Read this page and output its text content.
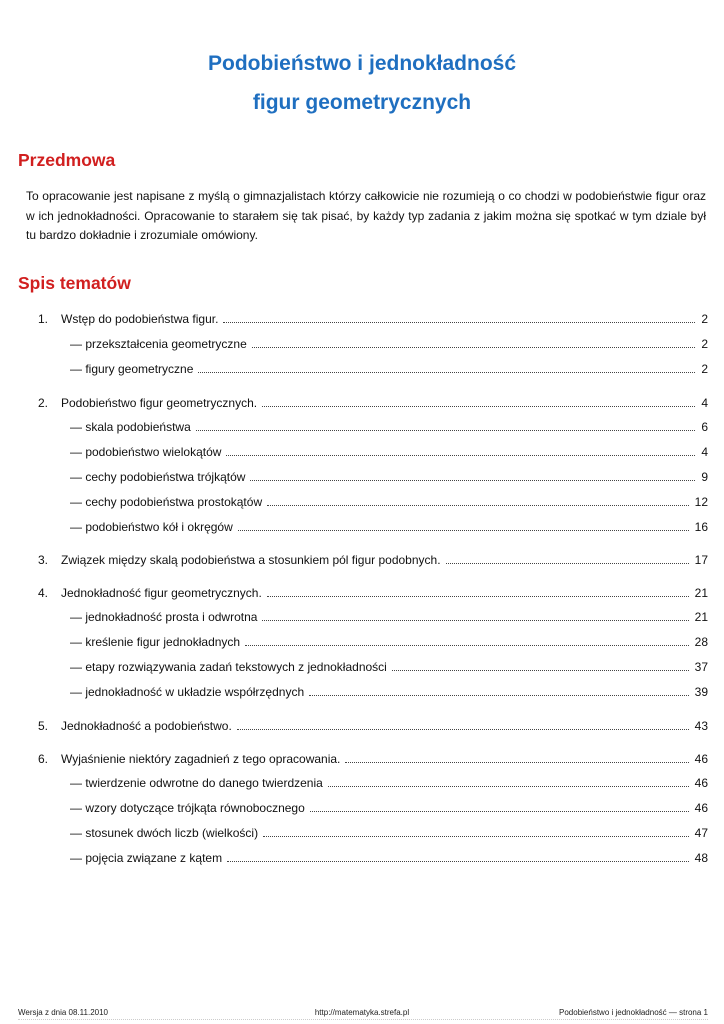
Podobieństwo i jednokładność
figur geometrycznych
Przedmowa

To opracowanie jest napisane z myślą o gimnazjalistach którzy całkowicie nie rozumieją o co chodzi w podobieństwie figur oraz w ich jednokładności. Opracowanie to starałem się tak pisać, by każdy typ zadania z jakim można się spotkać w tym dziale był tu bardzo dokładnie i zrozumiale omówiony.

Spis tematów
1. Wstęp do podobieństwa figur.	2
— przekształcenia geometryczne	2
— figury geometryczne	2
2. Podobieństwo figur geometrycznych.	4
— skala podobieństwa	6
— podobieństwo wielokątów	4
— cechy podobieństwa trójkątów	9
— cechy podobieństwa prostokątów	12
— podobieństwo kół i okręgów	16
3. Związek między skalą podobieństwa a stosunkiem pól figur podobnych.	17
4. Jednokładność figur geometrycznych.	21
— jednokładność prosta i odwrotna	21
— kreślenie figur jednokładnych	28
— etapy rozwiązywania zadań tekstowych z jednokładności	37
— jednokładność w układzie współrzędnych	39
5. Jednokładność a podobieństwo.	43
6. Wyjaśnienie niektóry zagadnień z tego opracowania.	46
— twierdzenie odwrotne do danego twierdzenia	46
— wzory dotyczące trójkąta równobocznego	46
— stosunek dwóch liczb (wielkości)	47
— pojęcia związane z kątem	48
Wersja z dnia 08.11.2010	http://matematyka.strefa.pl	Podobieństwo i jednokładność — strona 1
